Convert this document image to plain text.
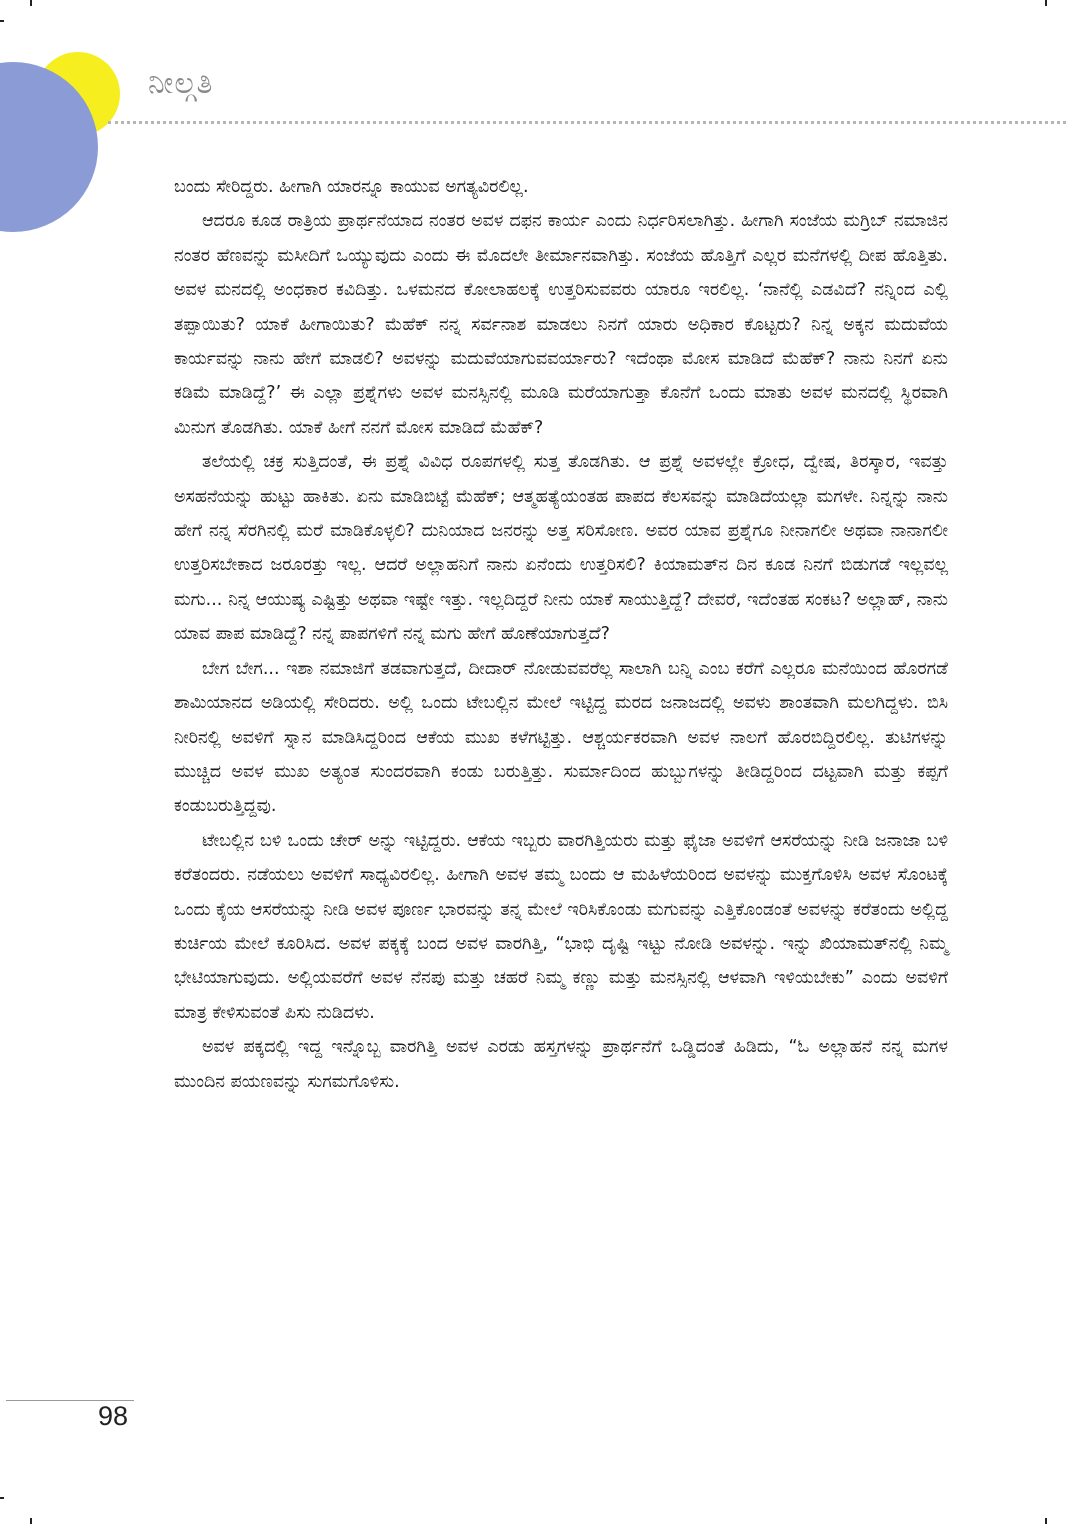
ನೀಲ್ಗತಿ

ಬಂದು ಸೇರಿದ್ದರು. ಹೀಗಾಗಿ ಯಾರನ್ನೂ ಕಾಯುವ ಅಗತ್ಯವಿರಲಿಲ್ಲ.

ಆದರೂ ಕೂಡ ರಾತ್ರಿಯ ಪ್ರಾರ್ಥನೆಯಾದ ನಂತರ ಅವಳ ದಫನ ಕಾರ್ಯ ಎಂದು ನಿರ್ಧರಿಸಲಾಗಿತ್ತು. ಹೀಗಾಗಿ ಸಂಜೆಯ ಮಗ್ರಿಬ್ ನಮಾಜಿನ ನಂತರ ಹೆಣವನ್ನು ಮಸೀದಿಗೆ ಒಯ್ಯುವುದು ಎಂದು ಈ ಮೊದಲೇ ತೀರ್ಮಾನವಾಗಿತ್ತು. ಸಂಜೆಯ ಹೊತ್ತಿಗೆ ಎಲ್ಲರ ಮನೆಗಳಲ್ಲಿ ದೀಪ ಹೊತ್ತಿತು. ಅವಳ ಮನದಲ್ಲಿ ಅಂಧಕಾರ ಕವಿದಿತ್ತು. ಒಳಮನದ ಕೋಲಾಹಲಕ್ಕೆ ಉತ್ತರಿಸುವವರು ಯಾರೂ ಇರಲಿಲ್ಲ. ‘ನಾನೆಲ್ಲಿ ಎಡವಿದೆ? ನನ್ನಿಂದ ಎಲ್ಲಿ ತಪ್ಪಾಯಿತು? ಯಾಕೆ ಹೀಗಾಯಿತು? ಮೆಹೆಕ್ ನನ್ನ ಸರ್ವನಾಶ ಮಾಡಲು ನಿನಗೆ ಯಾರು ಅಧಿಕಾರ ಕೊಟ್ಟರು? ನಿನ್ನ ಅಕ್ಕನ ಮದುವೆಯ ಕಾರ್ಯವನ್ನು ನಾನು ಹೇಗೆ ಮಾಡಲಿ? ಅವಳನ್ನು ಮದುವೆಯಾಗುವವರ್ಯಾರು? ಇದೆಂಥಾ ಮೋಸ ಮಾಡಿದೆ ಮೆಹೆಕ್? ನಾನು ನಿನಗೆ ಏನು ಕಡಿಮೆ ಮಾಡಿದ್ದೆ?’ ಈ ಎಲ್ಲಾ ಪ್ರಶ್ನೆಗಳು ಅವಳ ಮನಸ್ಸಿನಲ್ಲಿ ಮೂಡಿ ಮರೆಯಾಗುತ್ತಾ ಕೊನೆಗೆ ಒಂದು ಮಾತು ಅವಳ ಮನದಲ್ಲಿ ಸ್ಥಿರವಾಗಿ ಮಿನುಗ ತೊಡಗಿತು. ಯಾಕೆ ಹೀಗೆ ನನಗೆ ಮೋಸ ಮಾಡಿದೆ ಮೆಹೆಕ್?

ತಲೆಯಲ್ಲಿ ಚಕ್ರ ಸುತ್ತಿದಂತೆ, ಈ ಪ್ರಶ್ನೆ ವಿವಿಧ ರೂಪಗಳಲ್ಲಿ ಸುತ್ತ ತೊಡಗಿತು. ಆ ಪ್ರಶ್ನೆ ಅವಳಲ್ಲೇ ಕ್ರೋಧ, ದ್ವೇಷ, ತಿರಸ್ಕಾರ, ಇವತ್ತು ಅಸಹನೆಯನ್ನು ಹುಟ್ಟು ಹಾಕಿತು. ಏನು ಮಾಡಿಬಿಟ್ಟೆ ಮೆಹೆಕ್; ಆತ್ಮಹತ್ಯೆಯಂತಹ ಪಾಪದ ಕೆಲಸವನ್ನು ಮಾಡಿದೆಯಲ್ಲಾ ಮಗಳೇ. ನಿನ್ನನ್ನು ನಾನು ಹೇಗೆ ನನ್ನ ಸೆರಗಿನಲ್ಲಿ ಮರೆ ಮಾಡಿಕೊಳ್ಳಲಿ? ದುನಿಯಾದ ಜನರನ್ನು ಅತ್ತ ಸರಿಸೋಣ. ಅವರ ಯಾವ ಪ್ರಶ್ನೆಗೂ ನೀನಾಗಲೀ ಅಥವಾ ನಾನಾಗಲೀ ಉತ್ತರಿಸಬೇಕಾದ ಜರೂರತ್ತು ಇಲ್ಲ. ಆದರೆ ಅಲ್ಲಾಹನಿಗೆ ನಾನು ಏನೆಂದು ಉತ್ತರಿಸಲಿ? ಕಿಯಾಮತ್‌ನ ದಿನ ಕೂಡ ನಿನಗೆ ಬಿಡುಗಡೆ ಇಲ್ಲವಲ್ಲ ಮಗು... ನಿನ್ನ ಆಯುಷ್ಯ ಎಷ್ಟಿತ್ತು ಅಥವಾ ಇಷ್ಟೇ ಇತ್ತು. ಇಲ್ಲದಿದ್ದರೆ ನೀನು ಯಾಕೆ ಸಾಯುತ್ತಿದ್ದೆ? ದೇವರೆ, ಇದೆಂತಹ ಸಂಕಟ? ಅಲ್ಲಾಹ್, ನಾನು ಯಾವ ಪಾಪ ಮಾಡಿದ್ದೆ? ನನ್ನ ಪಾಪಗಳಿಗೆ ನನ್ನ ಮಗು ಹೇಗೆ ಹೊಣೆಯಾಗುತ್ತದೆ?

ಬೇಗ ಬೇಗ... ಇಶಾ ನಮಾಜಿಗೆ ತಡವಾಗುತ್ತದೆ, ದೀದಾರ್ ನೋಡುವವರೆಲ್ಲ ಸಾಲಾಗಿ ಬನ್ನಿ ಎಂಬ ಕರೆಗೆ ಎಲ್ಲರೂ ಮನೆಯಿಂದ ಹೊರಗಡೆ ಶಾಮಿಯಾನದ ಅಡಿಯಲ್ಲಿ ಸೇರಿದರು. ಅಲ್ಲಿ ಒಂದು ಟೇಬಲ್ಲಿನ ಮೇಲೆ ಇಟ್ಟಿದ್ದ ಮರದ ಜನಾಜದಲ್ಲಿ ಅವಳು ಶಾಂತವಾಗಿ ಮಲಗಿದ್ದಳು. ಬಿಸಿ ನೀರಿನಲ್ಲಿ ಅವಳಿಗೆ ಸ್ನಾನ ಮಾಡಿಸಿದ್ದರಿಂದ ಆಕೆಯ ಮುಖ ಕಳೆಗಟ್ಟಿತ್ತು. ಆಶ್ಚರ್ಯಕರವಾಗಿ ಅವಳ ನಾಲಗೆ ಹೊರಬಿದ್ದಿರಲಿಲ್ಲ. ತುಟಿಗಳನ್ನು ಮುಚ್ಚಿದ ಅವಳ ಮುಖ ಅತ್ಯಂತ ಸುಂದರವಾಗಿ ಕಂಡು ಬರುತ್ತಿತ್ತು. ಸುರ್ಮಾದಿಂದ ಹುಬ್ಬುಗಳನ್ನು ತೀಡಿದ್ದರಿಂದ ದಟ್ಟವಾಗಿ ಮತ್ತು ಕಪ್ಪಗೆ ಕಂಡುಬರುತ್ತಿದ್ದವು.

ಟೇಬಲ್ಲಿನ ಬಳಿ ಒಂದು ಚೇರ್ ಅನ್ನು ಇಟ್ಟಿದ್ದರು. ಆಕೆಯ ಇಬ್ಬರು ವಾರಗಿತ್ತಿಯರು ಮತ್ತು ಫೈಜಾ ಅವಳಿಗೆ ಆಸರೆಯನ್ನು ನೀಡಿ ಜನಾಜಾ ಬಳಿ ಕರೆತಂದರು. ನಡೆಯಲು ಅವಳಿಗೆ ಸಾಧ್ಯವಿರಲಿಲ್ಲ. ಹೀಗಾಗಿ ಅವಳ ತಮ್ಮ ಬಂದು ಆ ಮಹಿಳೆಯರಿಂದ ಅವಳನ್ನು ಮುಕ್ತಗೊಳಿಸಿ ಅವಳ ಸೊಂಟಕ್ಕೆ ಒಂದು ಕೈಯ ಆಸರೆಯನ್ನು ನೀಡಿ ಅವಳ ಪೂರ್ಣ ಭಾರವನ್ನು ತನ್ನ ಮೇಲೆ ಇರಿಸಿಕೊಂಡು ಮಗುವನ್ನು ಎತ್ತಿಕೊಂಡಂತೆ ಅವಳನ್ನು ಕರೆತಂದು ಅಲ್ಲಿದ್ದ ಕುರ್ಚಿಯ ಮೇಲೆ ಕೂರಿಸಿದ. ಅವಳ ಪಕ್ಕಕ್ಕೆ ಬಂದ ಅವಳ ವಾರಗಿತ್ತಿ, “ಭಾಭಿ ದೃಷ್ಟಿ ಇಟ್ಟು ನೋಡಿ ಅವಳನ್ನು. ಇನ್ನು ಖಿಯಾಮತ್‌ನಲ್ಲಿ ನಿಮ್ಮ ಭೇಟಿಯಾಗುವುದು. ಅಲ್ಲಿಯವರೆಗೆ ಅವಳ ನೆನಪು ಮತ್ತು ಚಹರೆ ನಿಮ್ಮ ಕಣ್ಣು ಮತ್ತು ಮನಸ್ಸಿನಲ್ಲಿ ಆಳವಾಗಿ ಇಳಿಯಬೇಕು” ಎಂದು ಅವಳಿಗೆ ಮಾತ್ರ ಕೇಳಿಸುವಂತೆ ಪಿಸು ನುಡಿದಳು.

ಅವಳ ಪಕ್ಕದಲ್ಲಿ ಇದ್ದ ಇನ್ನೊಬ್ಬ ವಾರಗಿತ್ತಿ ಅವಳ ಎರಡು ಹಸ್ತಗಳನ್ನು ಪ್ರಾರ್ಥನೆಗೆ ಒಡ್ಡಿದಂತೆ ಹಿಡಿದು, “ಓ ಅಲ್ಲಾಹನೆ ನನ್ನ ಮಗಳ ಮುಂದಿನ ಪಯಣವನ್ನು ಸುಗಮಗೊಳಿಸು.

98
